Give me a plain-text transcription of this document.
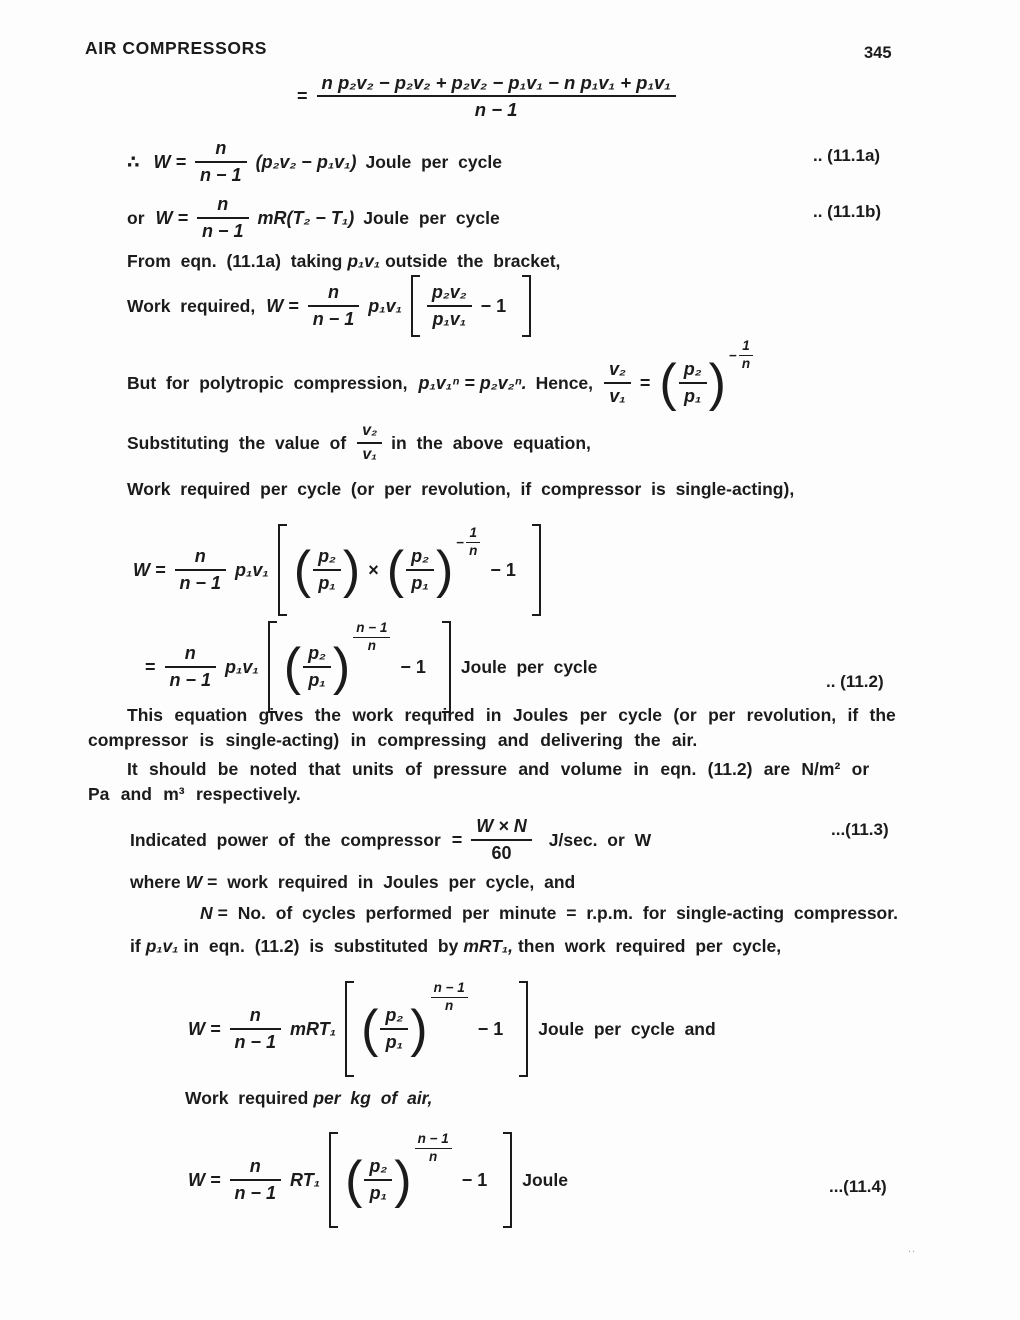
AIR COMPRESSORS	345
= $\frac{\text{n p₂v₂ − p₂v₂ + p₂v₂ − p₁v₁ − n p₁v₁ + p₁v₁}}{n - 1}$
∴ $W = \frac{n}{n - 1} (p_2v_2 - p_1v_1)$ Joule per cycle	.. (11.1a)
or $W = \frac{n}{n - 1} mR(T_2 - T_1)$ Joule per cycle	.. (11.1b)
From eqn. (11.1a) taking p₁v₁ outside the bracket,
Work required, $W = \frac{n}{n - 1} p_1v_1 \frac{\text{p₂v₂}}{\text{p₁v₁}} - 1$
But for polytropic compression, p₁v₁ⁿ = p₂v₂ⁿ. Hence, $\frac{\text{v₂}}{\text{v₁}}$ = ( $\frac{\text{p₂}}{\text{p₁}}$ ) − $\frac{1}{n}$
Substituting the value of $\frac{\text{v₂}}{\text{v₁}}$ in the above equation,
Work required per cycle (or per revolution, if compressor is single-acting),
$W = \frac{n}{n - 1} p_1v_1$ ( $\frac{\text{p₂}}{\text{p₁}}$ ) × ( $\frac{\text{p₂}}{\text{p₁}}$ ) − $\frac{1}{n}$
− 1
= $\frac{n}{n - 1} p_1v_1$ ( $\frac{\text{p₂}}{\text{p₁}}$ )
$\frac{n - 1}{n}$
− 1 Joule per cycle
.. (11.2)
This equation gives the work required in Joules per cycle (or per revolution, if the
compressor is single-acting) in compressing and delivering the air.
It should be noted that units of pressure and volume in eqn. (11.2) are N/m² or
Pa and m³ respectively.
Indicated power of the compressor = $\frac{W \times N}{60} J/\sec$. or W	...(11.3)
where W = work required in Joules per cycle, and
N = No. of cycles performed per minute = r.p.m. for single-acting compressor.
if p₁v₁ in eqn. (11.2) is substituted by mRT₁, then work required per cycle,
$W = \frac{n}{n - 1} mRT_1$ ( $\frac{\text{p₂}}{\text{p₁}}$ )
$\frac{n - 1}{n}$
− 1 Joule per cycle and
Work required per kg of air,
$W = \frac{n}{n - 1} RT_1$ ( $\frac{\text{p₂}}{\text{p₁}}$ )
$\frac{n - 1}{n}$
− 1 Joule	...(11.4)
..
